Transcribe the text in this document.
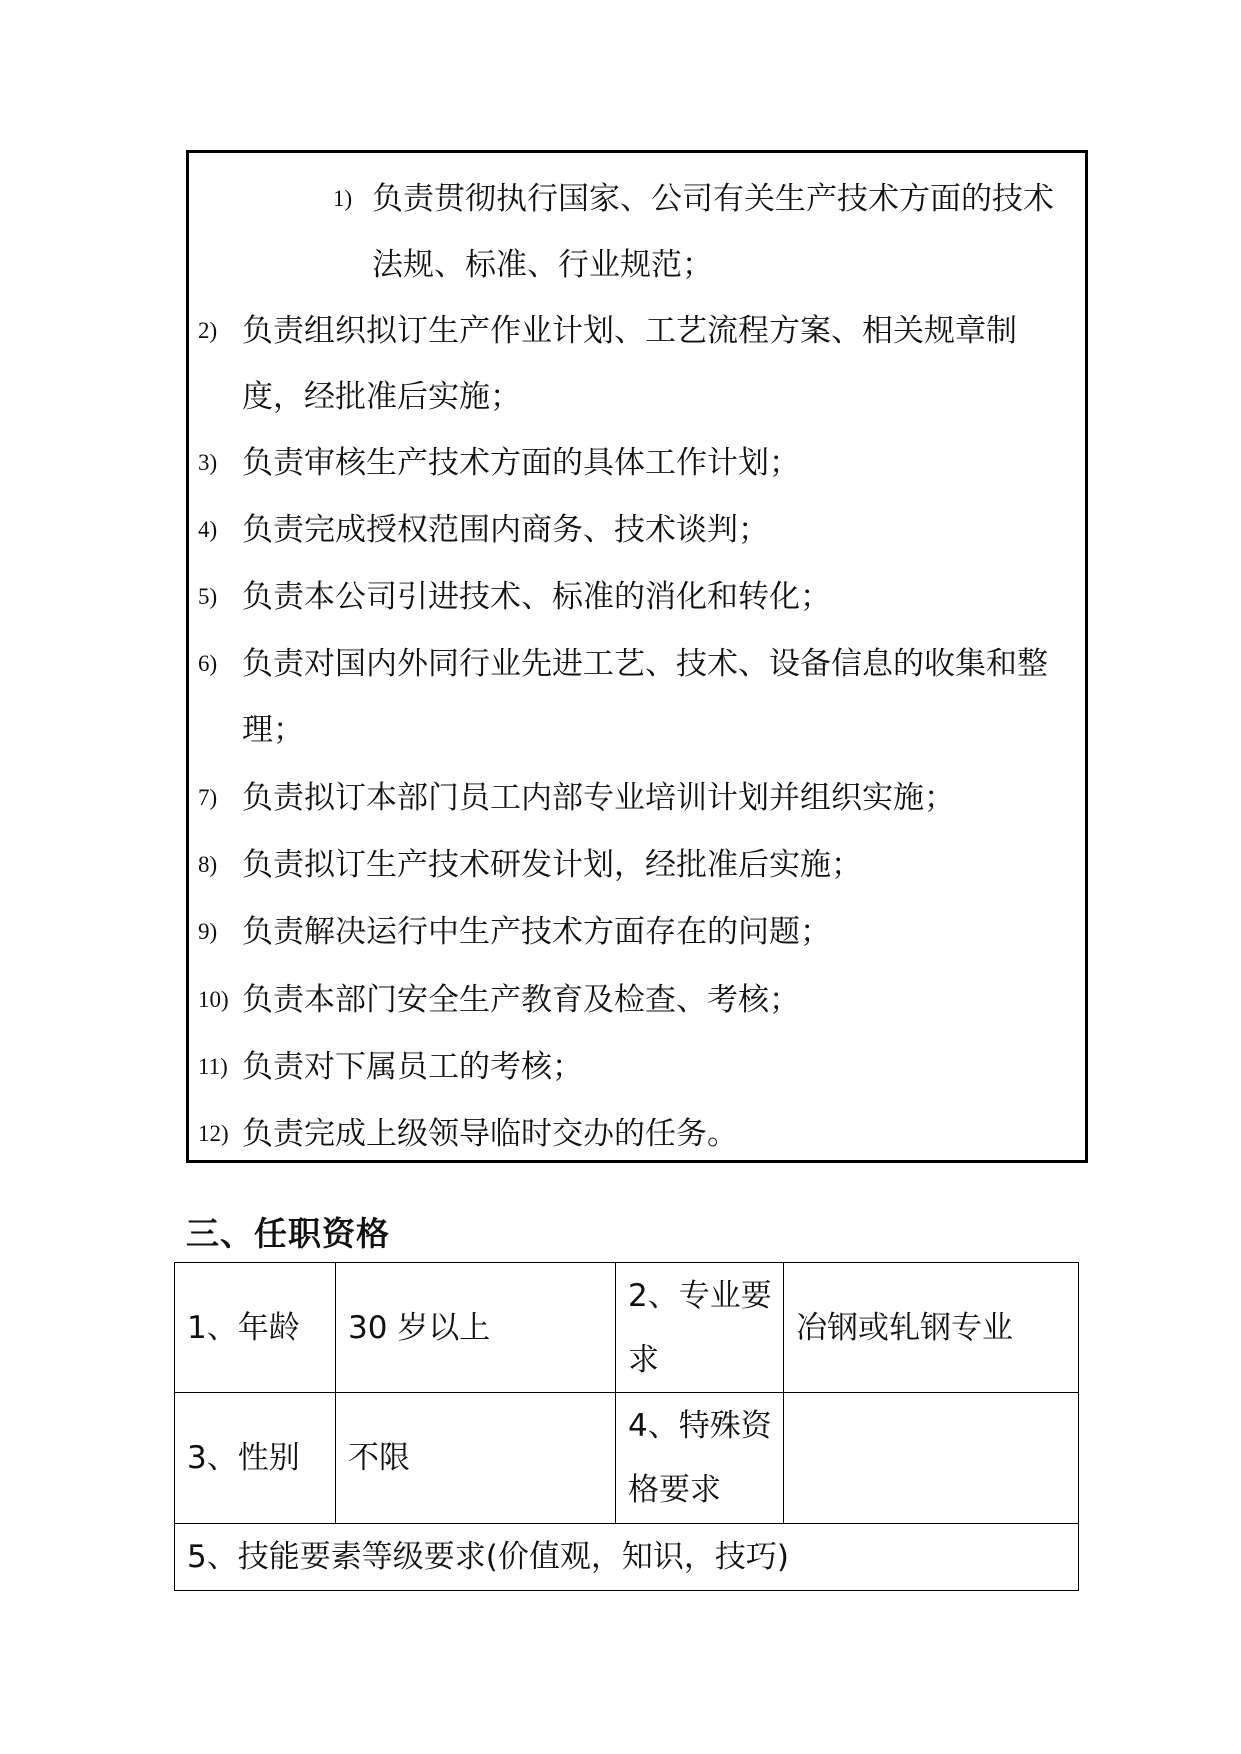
1) 负责贯彻执行国家、公司有关生产技术方面的技术法规、标准、行业规范；
2) 负责组织拟订生产作业计划、工艺流程方案、相关规章制度，经批准后实施；
3) 负责审核生产技术方面的具体工作计划；
4) 负责完成授权范围内商务、技术谈判；
5) 负责本公司引进技术、标准的消化和转化；
6) 负责对国内外同行业先进工艺、技术、设备信息的收集和整理；
7) 负责拟订本部门员工内部专业培训计划并组织实施；
8) 负责拟订生产技术研发计划，经批准后实施；
9) 负责解决运行中生产技术方面存在的问题；
10) 负责本部门安全生产教育及检查、考核；
11) 负责对下属员工的考核；
12) 负责完成上级领导临时交办的任务。
三、任职资格
1、年龄	30 岁以上	2、专业要求	冶钢或轧钢专业
3、性别	不限	4、特殊资格要求	
5、技能要素等级要求(价值观，知识，技巧)			
